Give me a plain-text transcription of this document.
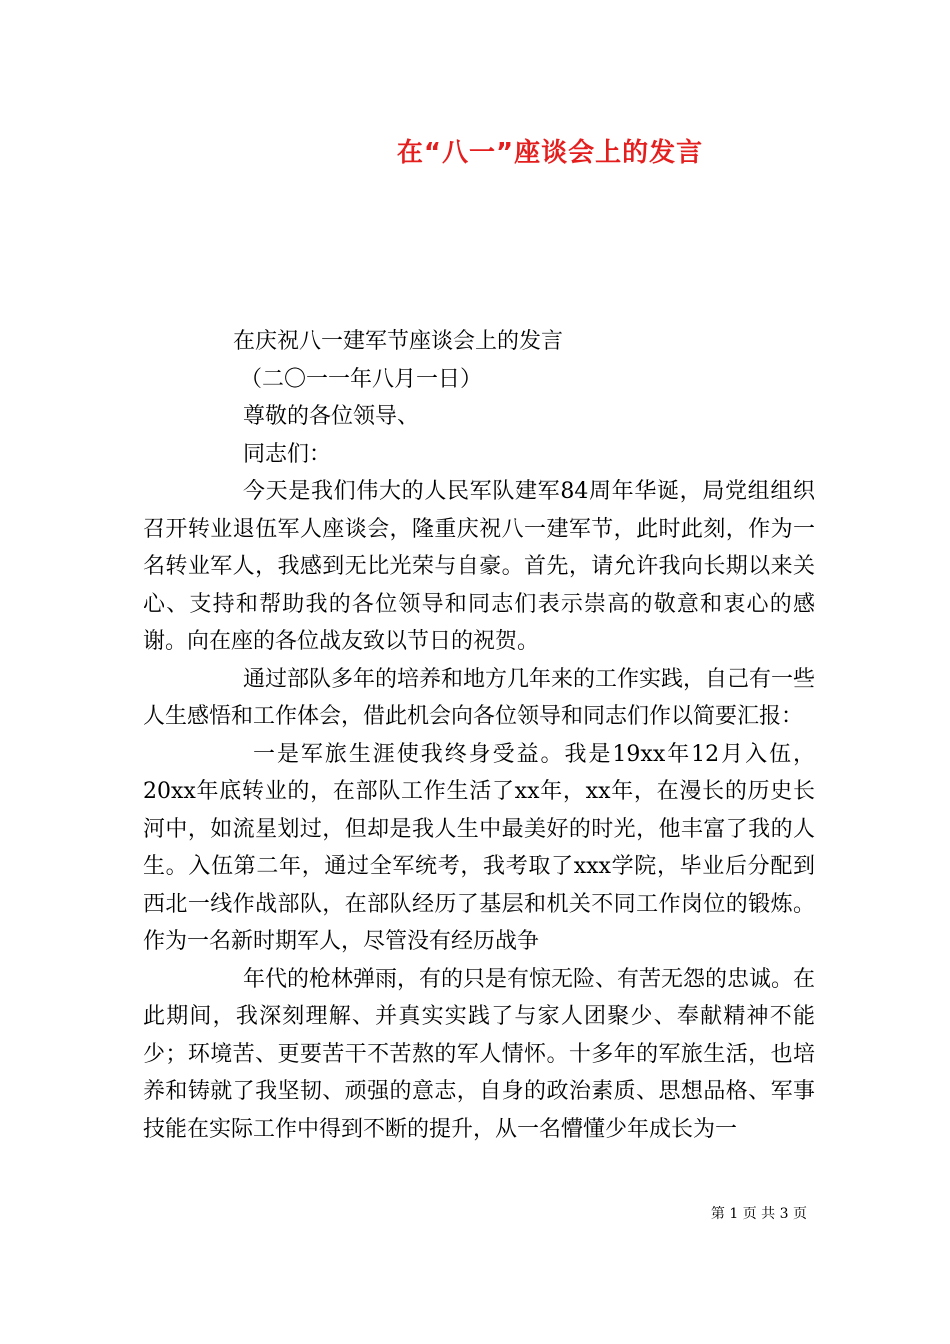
在“八一”座谈会上的发言

在庆祝八一建军节座谈会上的发言

（二〇一一年八月一日）

尊敬的各位领导、

同志们：

今天是我们伟大的人民军队建军84周年华诞，局党组组织召开转业退伍军人座谈会，隆重庆祝八一建军节，此时此刻，作为一名转业军人，我感到无比光荣与自豪。首先，请允许我向长期以来关心、支持和帮助我的各位领导和同志们表示崇高的敬意和衷心的感谢。向在座的各位战友致以节日的祝贺。

通过部队多年的培养和地方几年来的工作实践，自己有一些人生感悟和工作体会，借此机会向各位领导和同志们作以简要汇报：

一是军旅生涯使我终身受益。我是19xx年12月入伍，20xx年底转业的，在部队工作生活了xx年，xx年，在漫长的历史长河中，如流星划过，但却是我人生中最美好的时光，他丰富了我的人生。入伍第二年，通过全军统考，我考取了xxx学院，毕业后分配到西北一线作战部队，在部队经历了基层和机关不同工作岗位的锻炼。作为一名新时期军人，尽管没有经历战争

年代的枪林弹雨，有的只是有惊无险、有苦无怨的忠诚。在此期间，我深刻理解、并真实实践了与家人团聚少、奉献精神不能少；环境苦、更要苦干不苦熬的军人情怀。十多年的军旅生活，也培养和铸就了我坚韧、顽强的意志，自身的政治素质、思想品格、军事技能在实际工作中得到不断的提升，从一名懵懂少年成长为一

第 1 页 共 3 页
